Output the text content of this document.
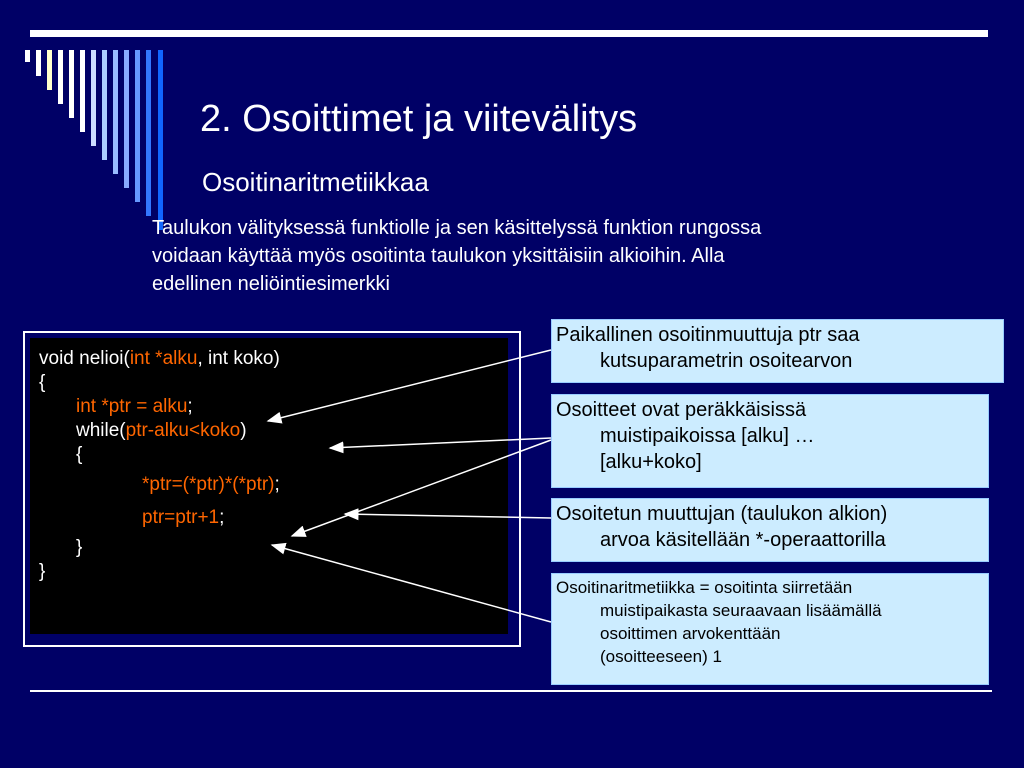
2. Osoittimet ja viitevälitys
Osoitinaritmetiikkaa
Taulukon välityksessä funktiolle ja sen käsittelyssä funktion rungossa
voidaan käyttää myös osoitinta taulukon yksittäisiin alkioihin. Alla
edellinen neliöintiesimerkki
void nelioi(int *alku, int koko)
{
int *ptr = alku;
while(ptr-alku<koko)
{
*ptr=(*ptr)*(*ptr);
ptr=ptr+1;
}
}
Paikallinen osoitinmuuttuja ptr saa
kutsuparametrin osoitearvon
Osoitteet ovat peräkkäisissä
muistipaikoissa [alku] …
[alku+koko]
Osoitetun muuttujan (taulukon alkion)
arvoa käsitellään *-operaattorilla
Osoitinaritmetiikka = osoitinta siirretään
muistipaikasta seuraavaan lisäämällä
osoittimen arvokenttään
(osoitteeseen) 1
